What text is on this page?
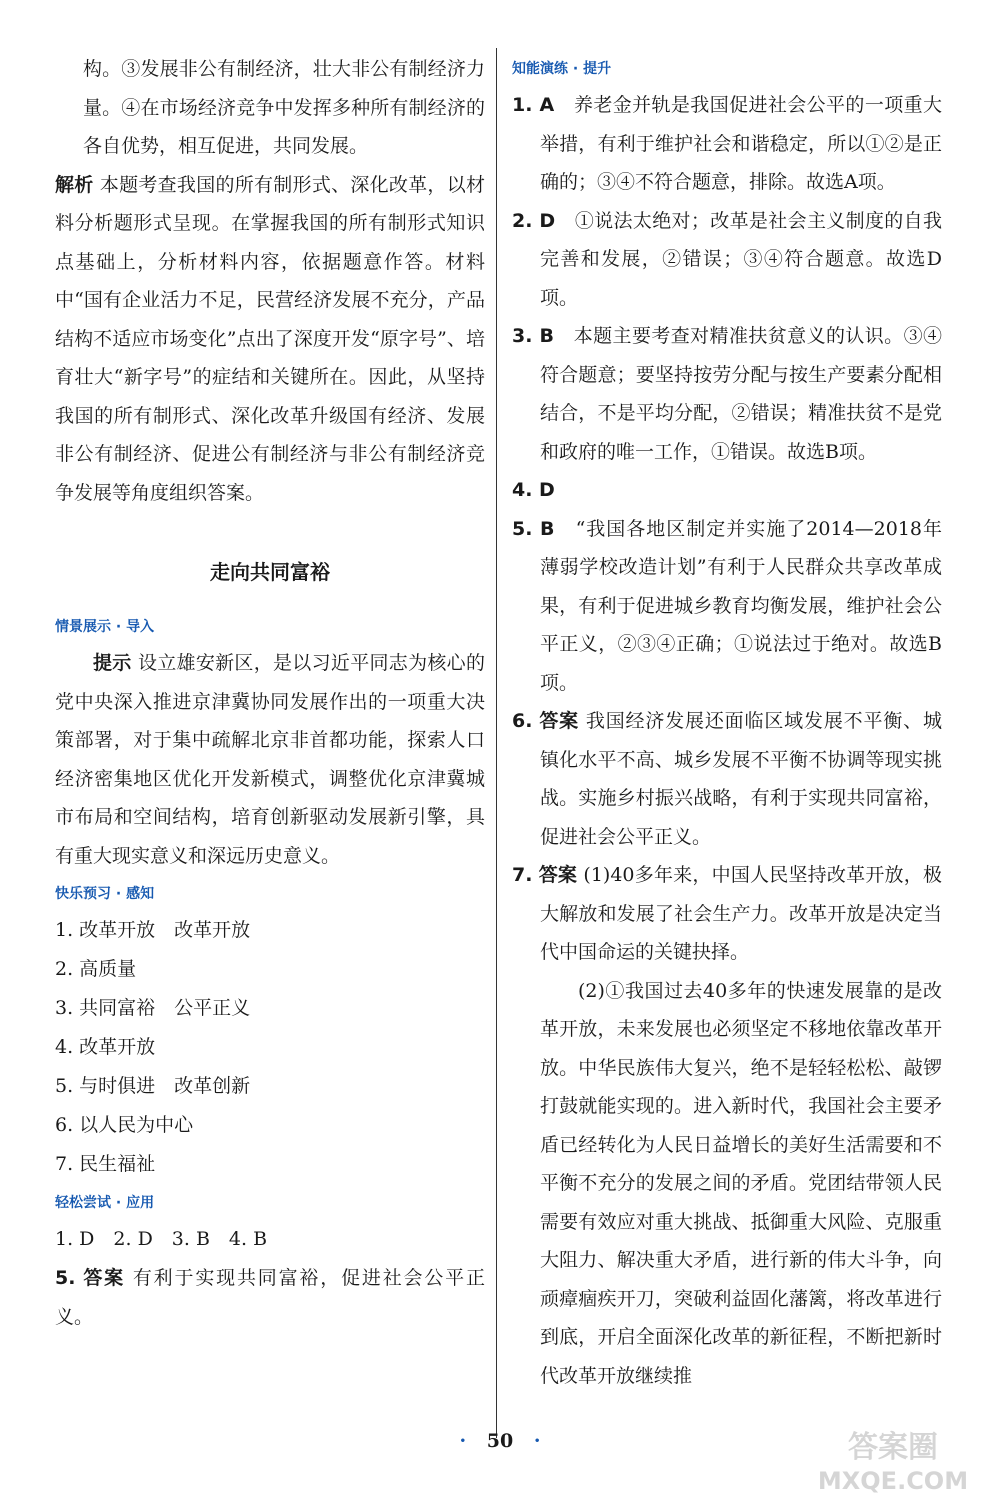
构。③发展非公有制经济，壮大非公有制经济力量。④在市场经济竞争中发挥多种所有制经济的各自优势，相互促进，共同发展。

解析 本题考查我国的所有制形式、深化改革，以材料分析题形式呈现。在掌握我国的所有制形式知识点基础上，分析材料内容，依据题意作答。材料中“国有企业活力不足，民营经济发展不充分，产品结构不适应市场变化”点出了深度开发“原字号”、培育壮大“新字号”的症结和关键所在。因此，从坚持我国的所有制形式、深化改革升级国有经济、发展非公有制经济、促进公有制经济与非公有制经济竞争发展等角度组织答案。

走向共同富裕
情景展示 · 导入

提示 设立雄安新区，是以习近平同志为核心的党中央深入推进京津冀协同发展作出的一项重大决策部署，对于集中疏解北京非首都功能，探索人口经济密集地区优化开发新模式，调整优化京津冀城市布局和空间结构，培育创新驱动发展新引擎，具有重大现实意义和深远历史意义。

快乐预习 · 感知

1. 改革开放　改革开放

2. 高质量

3. 共同富裕　公平正义

4. 改革开放

5. 与时俱进　改革创新

6. 以人民为中心

7. 民生福祉

轻松尝试 · 应用

1. D　2. D　3. B　4. B

5. 答案 有利于实现共同富裕，促进社会公平正义。

知能演练 · 提升

1. A　 养老金并轨是我国促进社会公平的一项重大举措，有利于维护社会和谐稳定，所以①②是正确的；③④不符合题意，排除。故选A项。

2. D　 ①说法太绝对；改革是社会主义制度的自我完善和发展，②错误；③④符合题意。故选D项。

3. B　 本题主要考查对精准扶贫意义的认识。③④符合题意；要坚持按劳分配与按生产要素分配相结合，不是平均分配，②错误；精准扶贫不是党和政府的唯一工作，①错误。故选B项。

4. D

5. B　 “我国各地区制定并实施了2014—2018年薄弱学校改造计划”有利于人民群众共享改革成果，有利于促进城乡教育均衡发展，维护社会公平正义，②③④正确；①说法过于绝对。故选B项。

6. 答案 我国经济发展还面临区域发展不平衡、城镇化水平不高、城乡发展不平衡不协调等现实挑战。实施乡村振兴战略，有利于实现共同富裕，促进社会公平正义。

7. 答案 (1)40多年来，中国人民坚持改革开放，极大解放和发展了社会生产力。改革开放是决定当代中国命运的关键抉择。

(2)①我国过去40多年的快速发展靠的是改革开放，未来发展也必须坚定不移地依靠改革开放。中华民族伟大复兴，绝不是轻轻松松、敲锣打鼓就能实现的。进入新时代，我国社会主要矛盾已经转化为人民日益增长的美好生活需要和不平衡不充分的发展之间的矛盾。党团结带领人民需要有效应对重大挑战、抵御重大风险、克服重大阻力、解决重大矛盾，进行新的伟大斗争，向顽瘴痼疾开刀，突破利益固化藩篱，将改革进行到底，开启全面深化改革的新征程，不断把新时代改革开放继续推

· 50 ·	答案圈
MXQE.COM
